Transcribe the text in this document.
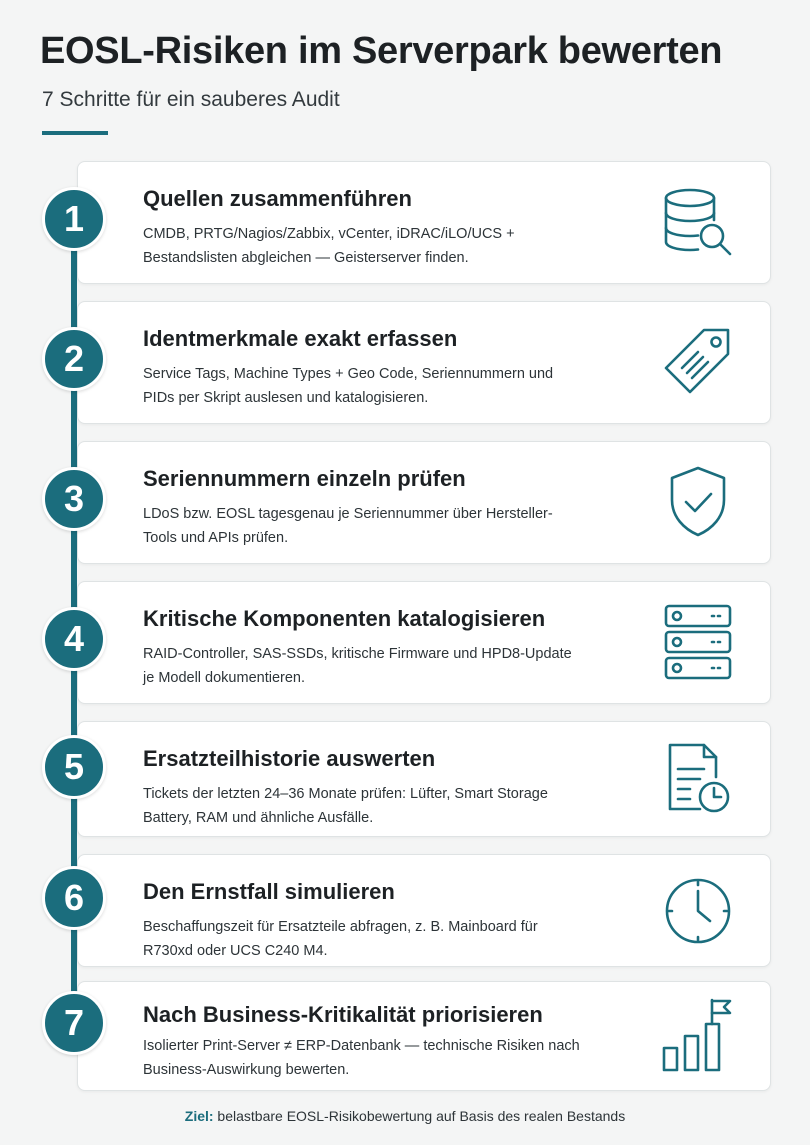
EOSL-Risiken im Serverpark bewerten

7 Schritte für ein sauberes Audit

Quellen zusammenführen

CMDB, PRTG/Nagios/Zabbix, vCenter, iDRAC/iLO/UCS + Bestandslisten abgleichen — Geisterserver finden.

1
Identmerkmale exakt erfassen

Service Tags, Machine Types + Geo Code, Seriennummern und PIDs per Skript auslesen und katalogisieren.

2
Seriennummern einzeln prüfen

LDoS bzw. EOSL tagesgenau je Seriennummer über Hersteller-Tools und APIs prüfen.

3
Kritische Komponenten katalogisieren

RAID-Controller, SAS-SSDs, kritische Firmware und HPD8-Update je Modell dokumentieren.

4
Ersatzteilhistorie auswerten

Tickets der letzten 24–36 Monate prüfen: Lüfter, Smart Storage Battery, RAM und ähnliche Ausfälle.

5
Den Ernstfall simulieren

Beschaffungszeit für Ersatzteile abfragen, z. B. Mainboard für R730xd oder UCS C240 M4.

6
Nach Business-Kritikalität priorisieren

Isolierter Print-Server ≠ ERP-Datenbank — technische Risiken nach Business-Auswirkung bewerten.

7
Ziel: belastbare EOSL-Risikobewertung auf Basis des realen Bestands
